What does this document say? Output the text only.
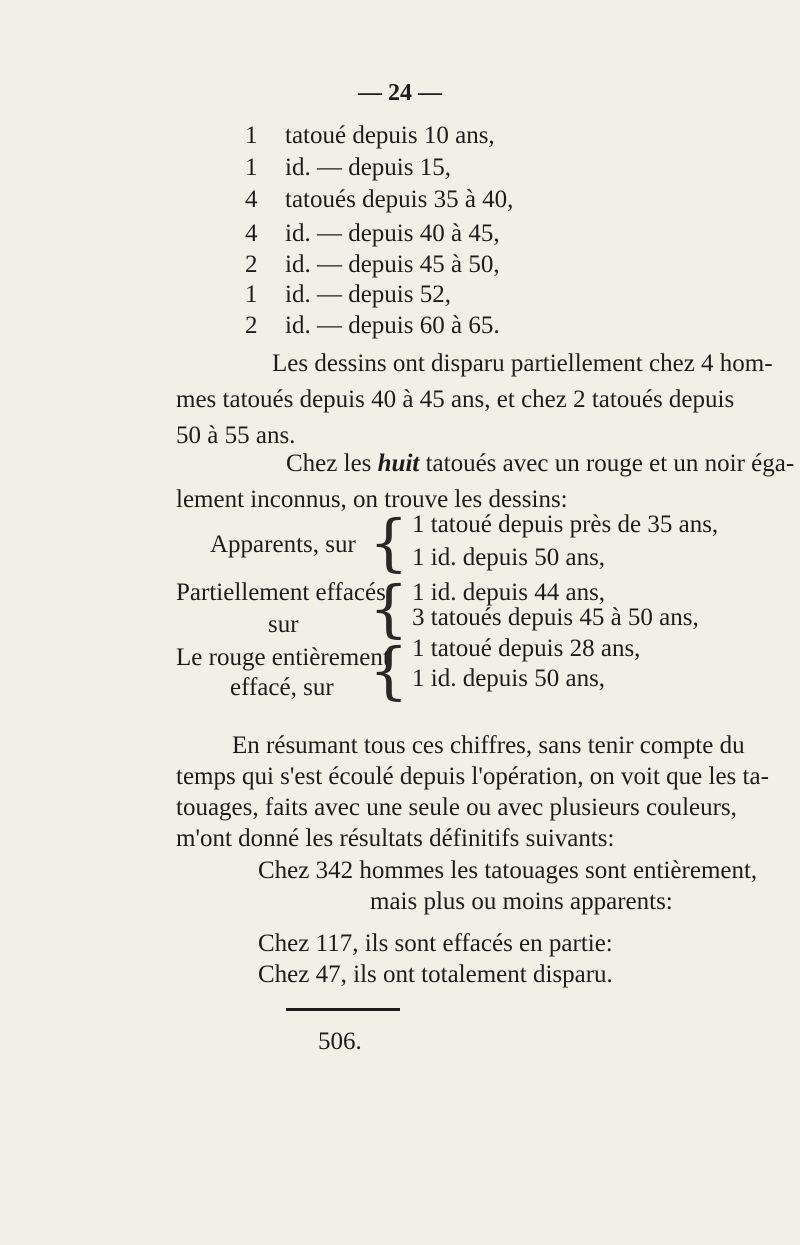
— 24 —
1 tatoué depuis 10 ans,
1 id. — depuis 15,
4 tatoués depuis 35 à 40,
4 id. — depuis 40 à 45,
2 id. — depuis 45 à 50,
1 id. — depuis 52,
2 id. — depuis 60 à 65.

Les dessins ont disparu partiellement chez 4 hom-

mes tatoués depuis 40 à 45 ans, et chez 2 tatoués depuis

50 à 55 ans.

Chez les huit tatoués avec un rouge et un noir éga-

lement inconnus, on trouve les dessins:

Apparents, sur { 1 tatoué depuis près de 35 ans,
1 id. depuis 50 ans,
Partiellement effacés,
sur { 1 id. depuis 44 ans,
3 tatoués depuis 45 à 50 ans,
Le rouge entièrement
effacé, sur { 1 tatoué depuis 28 ans,
1 id. depuis 50 ans,

En résumant tous ces chiffres, sans tenir compte du

temps qui s'est écoulé depuis l'opération, on voit que les ta-

touages, faits avec une seule ou avec plusieurs couleurs,

m'ont donné les résultats définitifs suivants:

Chez 342 hommes les tatouages sont entièrement,
mais plus ou moins apparents:
Chez 117, ils sont effacés en partie:
Chez 47, ils ont totalement disparu.
506.
